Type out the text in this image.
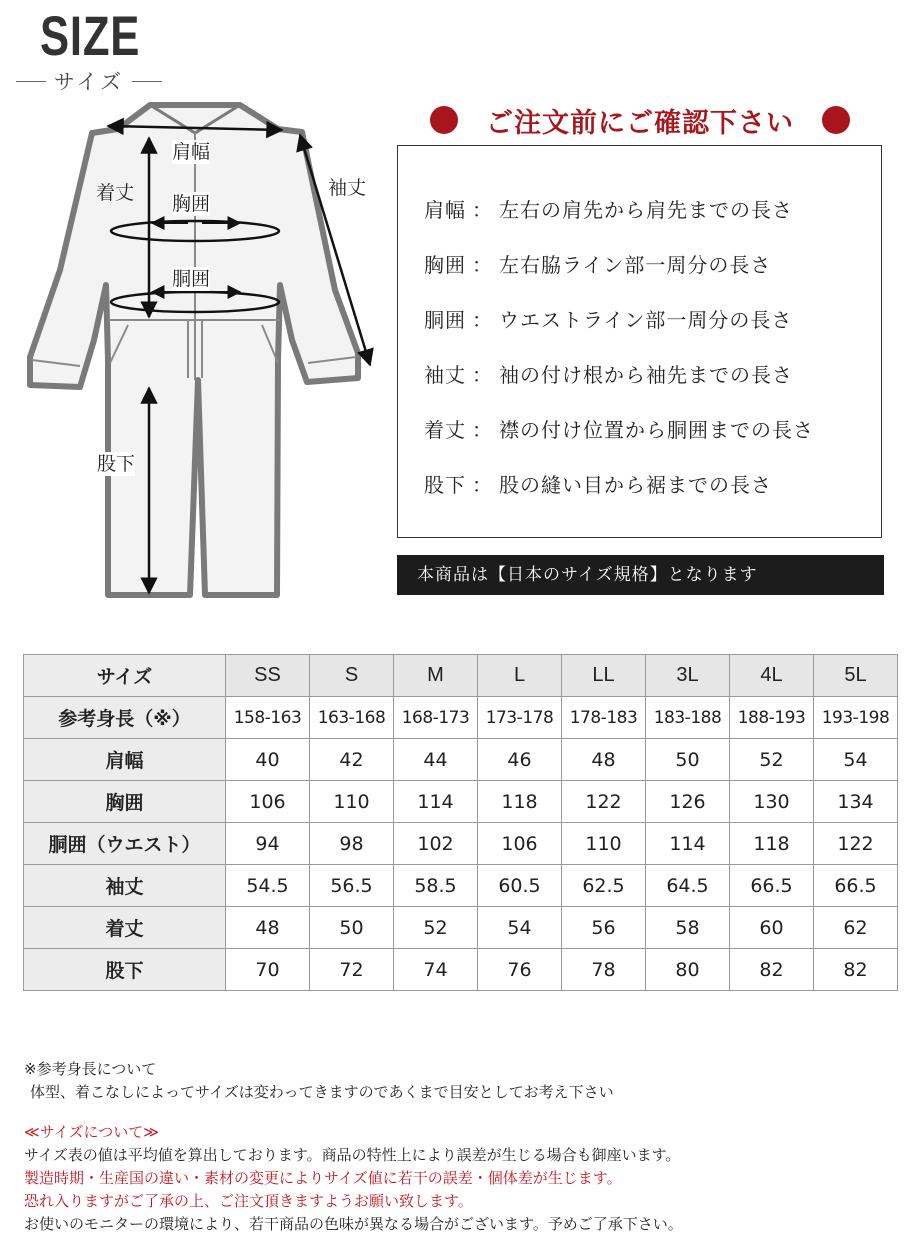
SIZE
サイズ
肩幅
着丈 胸囲
胴囲
袖丈
股下
ご注文前にご確認下さい
肩幅 ： 左右の肩先から肩先までの長さ
胸囲 ： 左右脇ライン部一周分の長さ
胴囲 ： ウエストライン部一周分の長さ
袖丈 ： 袖の付け根から袖先までの長さ
着丈 ： 襟の付け位置から胴囲までの長さ
股下 ： 股の縫い目から裾までの長さ
本商品は【日本のサイズ規格】となります
サイズ	SS	S	M	L	LL	3L	4L	5L
参考身長（※）	158-163	163-168	168-173	173-178	178-183	183-188	188-193	193-198
肩幅	40	42	44	46	48	50	52	54
胸囲	106	110	114	118	122	126	130	134
胴囲（ウエスト）	94	98	102	106	110	114	118	122
袖丈	54.5	56.5	58.5	60.5	62.5	64.5	66.5	66.5
着丈	48	50	52	54	56	58	60	62
股下	70	72	74	76	78	80	82	82
※参考身長について
体型、着こなしによってサイズは変わってきますのであくまで目安としてお考え下さい
≪サイズについて≫
サイズ表の値は平均値を算出しております。商品の特性上により誤差が生じる場合も御座います。
製造時期・生産国の違い・素材の変更によりサイズ値に若干の誤差・個体差が生じます。
恐れ入りますがご了承の上、ご注文頂きますようお願い致します。
お使いのモニターの環境により、若干商品の色味が異なる場合がございます。予めご了承下さい。
